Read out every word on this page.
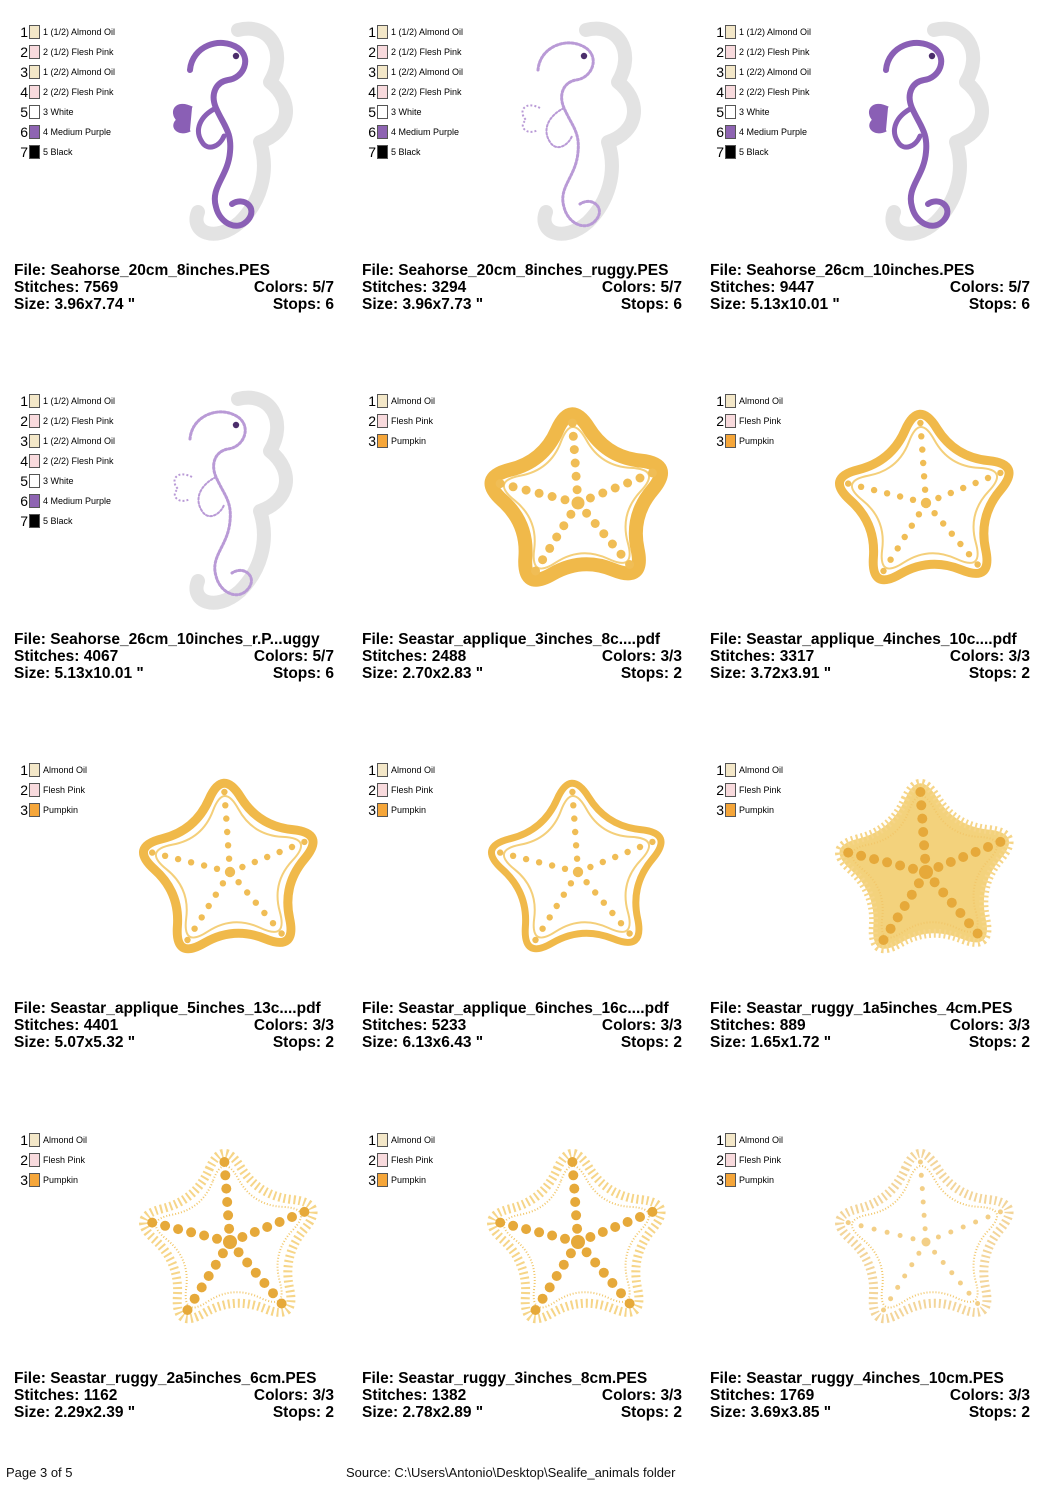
1 1 (1/2) Almond Oil
2 2 (1/2) Flesh Pink
3 1 (2/2) Almond Oil
4 2 (2/2) Flesh Pink
5 3 White
6 4 Medium Purple
7 5 Black
File: Seahorse_20cm_8inches.PES
Stitches: 7569	Colors: 5/7
Size: 3.96x7.74 "	Stops: 6
1 1 (1/2) Almond Oil
2 2 (1/2) Flesh Pink
3 1 (2/2) Almond Oil
4 2 (2/2) Flesh Pink
5 3 White
6 4 Medium Purple
7 5 Black
File: Seahorse_20cm_8inches_ruggy.PES
Stitches: 3294	Colors: 5/7
Size: 3.96x7.73 "	Stops: 6
1 1 (1/2) Almond Oil
2 2 (1/2) Flesh Pink
3 1 (2/2) Almond Oil
4 2 (2/2) Flesh Pink
5 3 White
6 4 Medium Purple
7 5 Black
File: Seahorse_26cm_10inches.PES
Stitches: 9447	Colors: 5/7
Size: 5.13x10.01 "	Stops: 6
1 1 (1/2) Almond Oil
2 2 (1/2) Flesh Pink
3 1 (2/2) Almond Oil
4 2 (2/2) Flesh Pink
5 3 White
6 4 Medium Purple
7 5 Black
File: Seahorse_26cm_10inches_r.P...uggy
Stitches: 4067	Colors: 5/7
Size: 5.13x10.01 "	Stops: 6
1 Almond Oil
2 Flesh Pink
3 Pumpkin
File: Seastar_applique_3inches_8c....pdf
Stitches: 2488	Colors: 3/3
Size: 2.70x2.83 "	Stops: 2
1 Almond Oil
2 Flesh Pink
3 Pumpkin
File: Seastar_applique_4inches_10c....pdf
Stitches: 3317	Colors: 3/3
Size: 3.72x3.91 "	Stops: 2
1 Almond Oil
2 Flesh Pink
3 Pumpkin
File: Seastar_applique_5inches_13c....pdf
Stitches: 4401	Colors: 3/3
Size: 5.07x5.32 "	Stops: 2
1 Almond Oil
2 Flesh Pink
3 Pumpkin
File: Seastar_applique_6inches_16c....pdf
Stitches: 5233	Colors: 3/3
Size: 6.13x6.43 "	Stops: 2
1 Almond Oil
2 Flesh Pink
3 Pumpkin
File: Seastar_ruggy_1a5inches_4cm.PES
Stitches: 889	Colors: 3/3
Size: 1.65x1.72 "	Stops: 2
1 Almond Oil
2 Flesh Pink
3 Pumpkin
File: Seastar_ruggy_2a5inches_6cm.PES
Stitches: 1162	Colors: 3/3
Size: 2.29x2.39 "	Stops: 2
1 Almond Oil
2 Flesh Pink
3 Pumpkin
File: Seastar_ruggy_3inches_8cm.PES
Stitches: 1382	Colors: 3/3
Size: 2.78x2.89 "	Stops: 2
1 Almond Oil
2 Flesh Pink
3 Pumpkin
File: Seastar_ruggy_4inches_10cm.PES
Stitches: 1769	Colors: 3/3
Size: 3.69x3.85 "	Stops: 2
Page 3 of 5	Source: C:\Users\Antonio\Desktop\Sealife_animals folder
